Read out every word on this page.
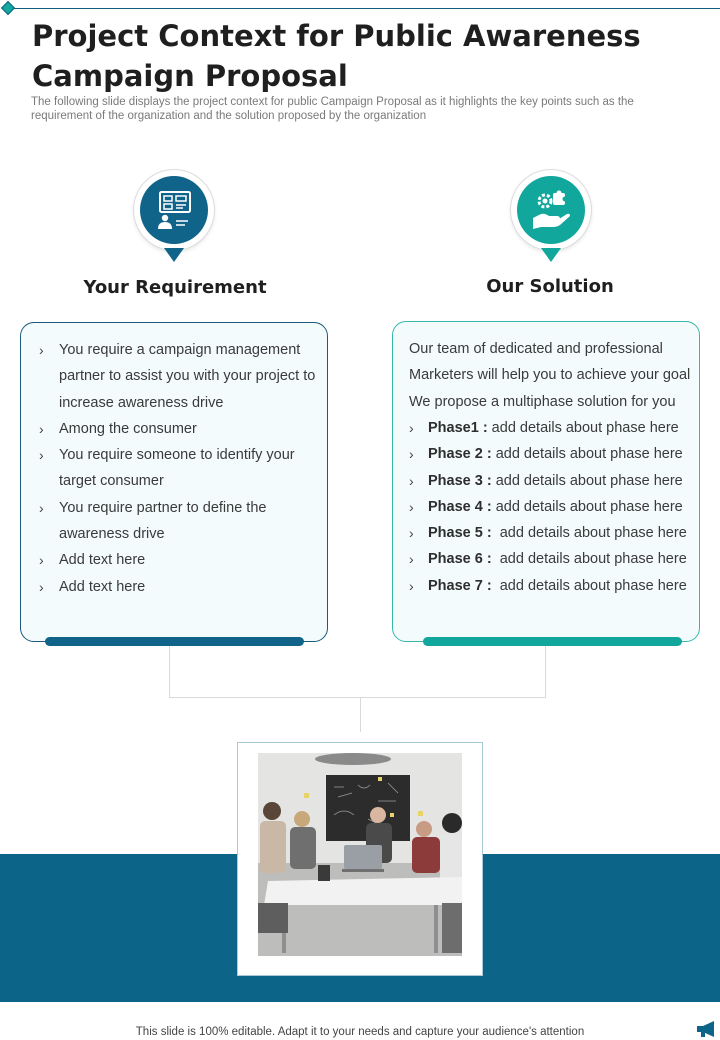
Project Context for Public Awareness Campaign Proposal

The following slide displays the project context for public Campaign Proposal as it highlights the key points such as the requirement of the organization and the solution proposed by the organization

Your Requirement	Our Solution
› You require a campaign management partner to assist you with your project to increase awareness drive
› Among the consumer
› You require someone to identify your target consumer
› You require partner to define the awareness drive
› Add text here
› Add text here
Our team of dedicated and professional
Marketers will help you to achieve your goal
We propose a multiphase solution for you
› Phase1 : add details about phase here
› Phase 2 : add details about phase here
› Phase 3 : add details about phase here
› Phase 4 : add details about phase here
› Phase 5 :  add details about phase here
› Phase 6 :  add details about phase here
› Phase 7 :  add details about phase here

This slide is 100% editable. Adapt it to your needs and capture your audience's attention
